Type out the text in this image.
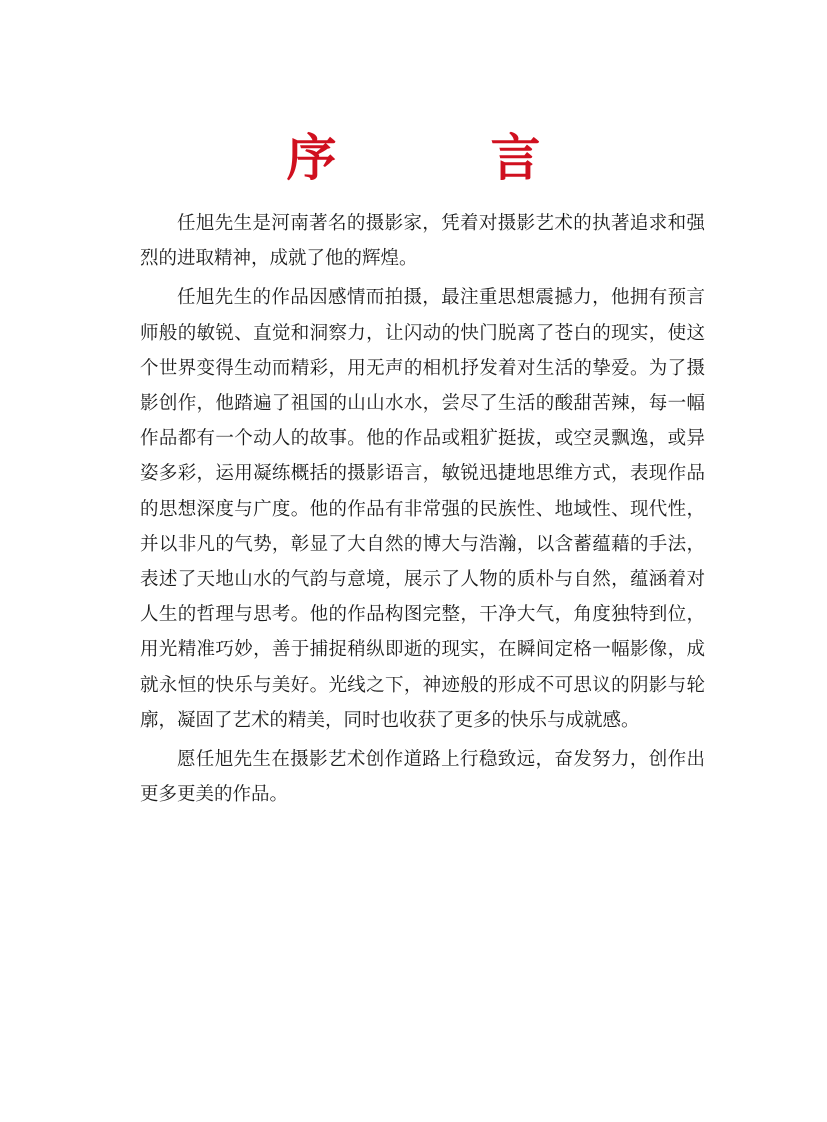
序　言

任旭先生是河南著名的摄影家，凭着对摄影艺术的执著追求和强烈的进取精神，成就了他的辉煌。

任旭先生的作品因感情而拍摄，最注重思想震撼力，他拥有预言师般的敏锐、直觉和洞察力，让闪动的快门脱离了苍白的现实，使这个世界变得生动而精彩，用无声的相机抒发着对生活的挚爱。为了摄影创作，他踏遍了祖国的山山水水，尝尽了生活的酸甜苦辣，每一幅作品都有一个动人的故事。他的作品或粗犷挺拔，或空灵飘逸，或异姿多彩，运用凝练概括的摄影语言，敏锐迅捷地思维方式，表现作品的思想深度与广度。他的作品有非常强的民族性、地域性、现代性，并以非凡的气势，彰显了大自然的博大与浩瀚，以含蓄蕴藉的手法，表述了天地山水的气韵与意境，展示了人物的质朴与自然，蕴涵着对人生的哲理与思考。他的作品构图完整，干净大气，角度独特到位，用光精准巧妙，善于捕捉稍纵即逝的现实，在瞬间定格一幅影像，成就永恒的快乐与美好。光线之下，神迹般的形成不可思议的阴影与轮廓，凝固了艺术的精美，同时也收获了更多的快乐与成就感。

愿任旭先生在摄影艺术创作道路上行稳致远，奋发努力，创作出更多更美的作品。
